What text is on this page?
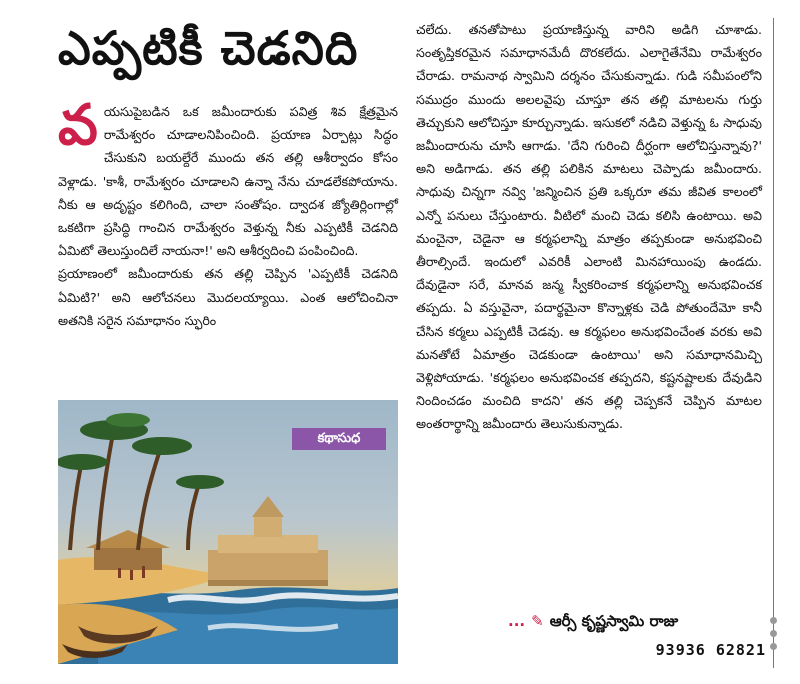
ఎప్పటికీ చెడనిది

వయసుపైబడిన ఒక జమీందారుకు పవిత్ర శివ క్షేత్రమైన రామేశ్వరం చూడాలనిపించింది. ప్రయాణ ఏర్పాట్లు సిద్ధం చేసుకుని బయల్దేరే ముందు తన తల్లి ఆశీర్వాదం కోసం వెళ్లాడు. 'కాశీ, రామేశ్వరం చూడాలని ఉన్నా నేను చూడలేకపోయాను. నీకు ఆ అదృష్టం కలిగింది, చాలా సంతోషం. ద్వాదశ జ్యోతిర్లింగాల్లో ఒకటిగా ప్రసిద్ధి గాంచిన రామేశ్వరం వెళ్తున్న నీకు ఎప్పటికీ చెడనిది ఏమిటో తెలుస్తుందిలే నాయనా!' అని ఆశీర్వదించి పంపించింది.

ప్రయాణంలో జమీందారుకు తన తల్లి చెప్పిన 'ఎప్పటికీ చెడనిది ఏమిటి?' అని ఆలోచనలు మొదలయ్యాయి. ఎంత ఆలోచించినా అతనికి సరైన సమాధానం స్ఫురిం

కథాసుధ

చలేదు. తనతోపాటు ప్రయాణిస్తున్న వారిని అడిగి చూశాడు. సంతృప్తికరమైన సమాధానమేదీ దొరకలేదు. ఎలాగైతేనేమి రామేశ్వరం చేరాడు. రామనాథ స్వామిని దర్శనం చేసుకున్నాడు. గుడి సమీపంలోని సముద్రం ముందు అలలవైపు చూస్తూ తన తల్లి మాటలను గుర్తు తెచ్చుకుని ఆలోచిస్తూ కూర్చున్నాడు. ఇసుకలో నడిచి వెళ్తున్న ఓ సాధువు జమీందారును చూసి ఆగాడు. 'దేని గురించి దీర్ఘంగా ఆలోచిస్తున్నావు?' అని అడిగాడు. తన తల్లి పలికిన మాటలు చెప్పాడు జమీందారు. సాధువు చిన్నగా నవ్వి 'జన్మించిన ప్రతి ఒక్కరూ తమ జీవిత కాలంలో ఎన్నో పనులు చేస్తుంటారు. వీటిలో మంచి చెడు కలిసి ఉంటాయి. అవి మంచైనా, చెడైనా ఆ కర్మఫలాన్ని మాత్రం తప్పకుండా అనుభవించి తీరాల్సిందే. ఇందులో ఎవరికీ ఎలాంటి మినహాయింపు ఉండదు. దేవుడైనా సరే, మానవ జన్మ స్వీకరించాక కర్మఫలాన్ని అనుభవించక తప్పదు. ఏ వస్తువైనా, పదార్థమైనా కొన్నాళ్లకు చెడి పోతుందేమో కానీ చేసిన కర్మలు ఎప్పటికీ చెడవు. ఆ కర్మఫలం అనుభవించేంత వరకు అవి మనతోటే ఏమాత్రం చెడకుండా ఉంటాయి' అని సమాధానమిచ్చి వెళ్లిపోయాడు. 'కర్మఫలం అనుభవించక తప్పదని, కష్టనష్టాలకు దేవుడిని నిందించడం మంచిది కాదని' తన తల్లి చెప్పకనే చెప్పిన మాటల అంతరార్థాన్ని జమీందారు తెలుసుకున్నాడు.

... ✎ ఆర్సీ కృష్ణస్వామి రాజు
93936 62821
